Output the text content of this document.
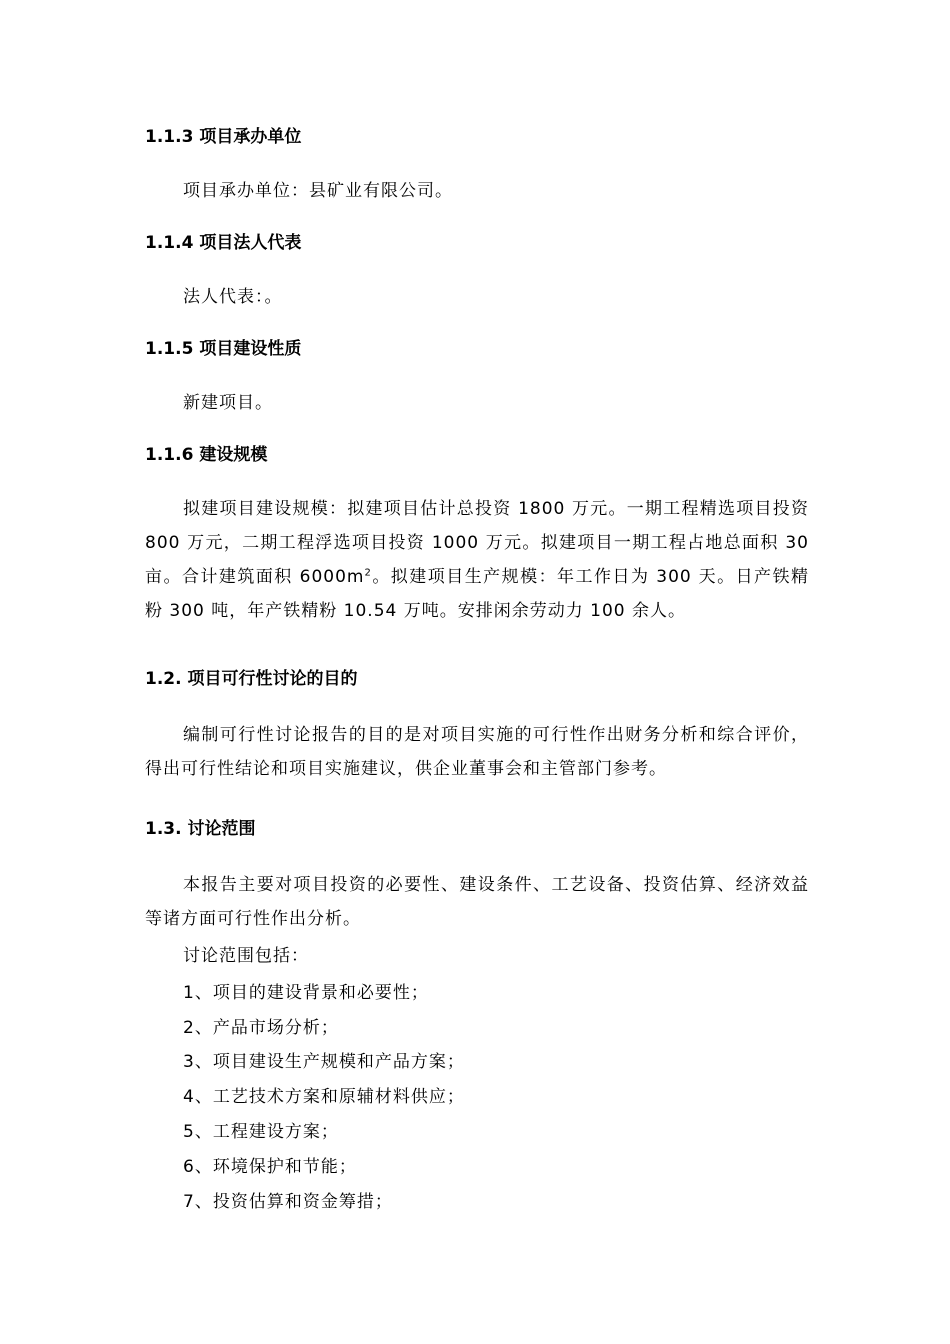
1.1.3 项目承办单位
项目承办单位：县矿业有限公司。
1.1.4 项目法人代表
法人代表：。
1.1.5 项目建设性质
新建项目。
1.1.6 建设规模
拟建项目建设规模：拟建项目估计总投资 1800 万元。一期工程精选项目投资 800 万元，二期工程浮选项目投资 1000 万元。拟建项目一期工程占地总面积 30 亩。合计建筑面积 $6000m^2$。拟建项目生产规模：年工作日为 300 天。日产铁精粉 300 吨，年产铁精粉 10.54 万吨。安排闲余劳动力 100 余人。
1.2. 项目可行性讨论的目的
编制可行性讨论报告的目的是对项目实施的可行性作出财务分析和综合评价，得出可行性结论和项目实施建议，供企业董事会和主管部门参考。
1.3. 讨论范围
本报告主要对项目投资的必要性、建设条件、工艺设备、投资估算、经济效益等诸方面可行性作出分析。
讨论范围包括：
1、项目的建设背景和必要性；
2、产品市场分析；
3、项目建设生产规模和产品方案；
4、工艺技术方案和原辅材料供应；
5、工程建设方案；
6、环境保护和节能；
7、投资估算和资金筹措；
